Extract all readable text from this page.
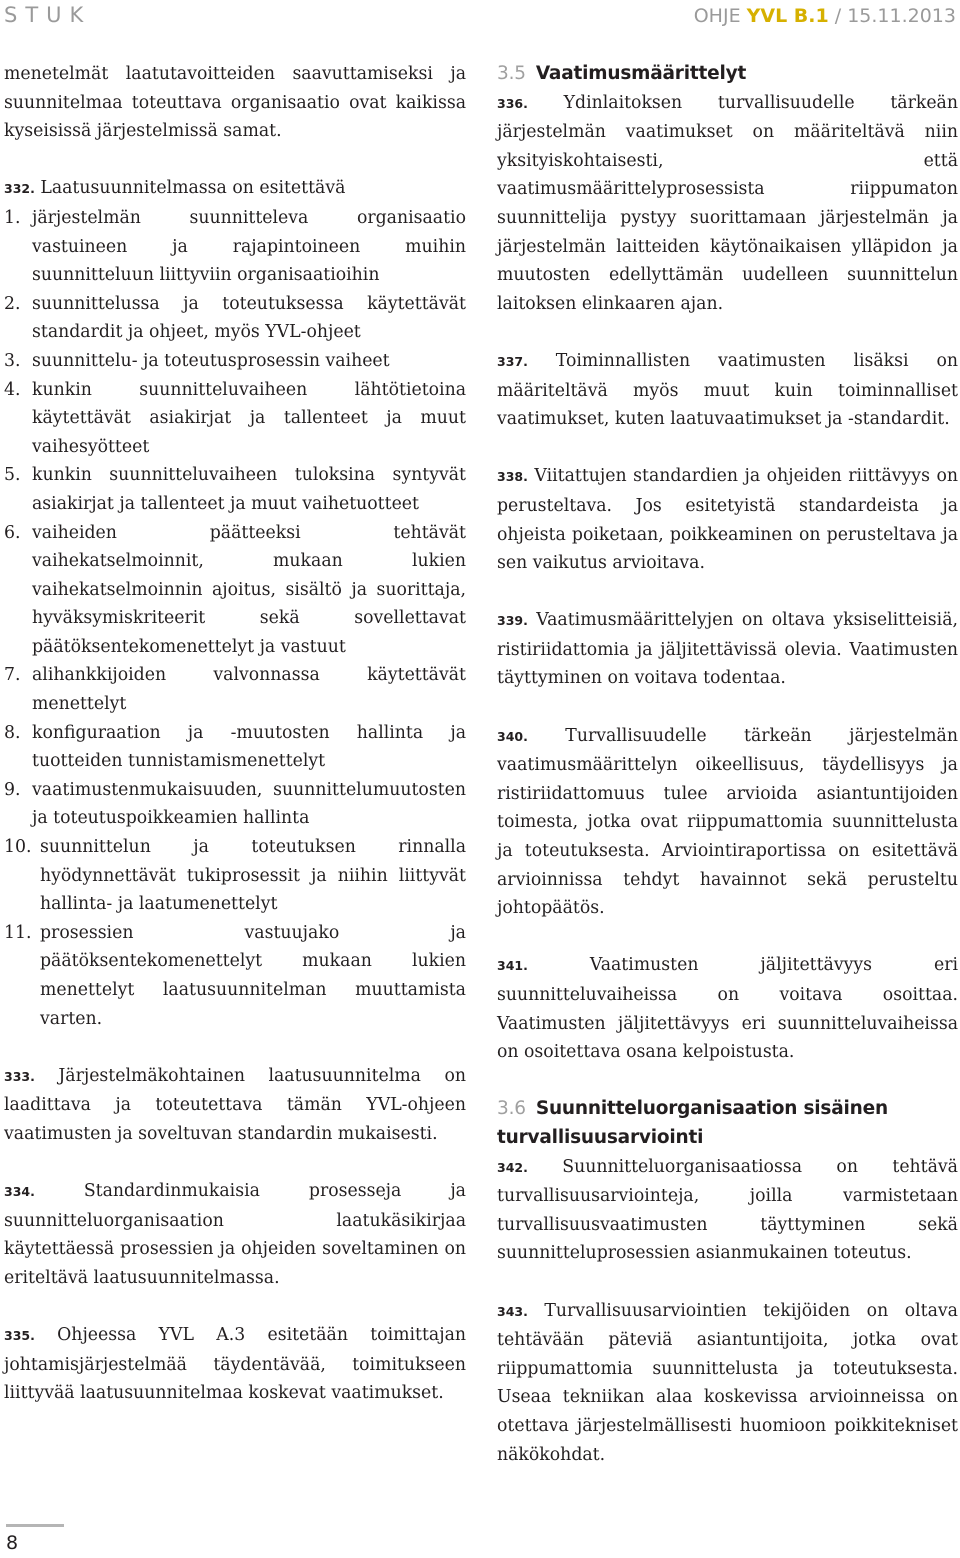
STUK	OHJE YVL B.1 / 15.11.2013

menetelmät laatutavoitteiden saavuttamiseksi ja suunnitelmaa toteuttava organisaatio ovat kaikissa kyseisissä järjestelmissä samat.

332. Laatusuunnitelmassa on esitettävä

1. järjestelmän suunnitteleva organisaatio vastuineen ja rajapintoineen muihin suunnitteluun liittyviin organisaatioihin
2. suunnittelussa ja toteutuksessa käytettävät standardit ja ohjeet, myös YVL-ohjeet
3. suunnittelu- ja toteutusprosessin vaiheet
4. kunkin suunnitteluvaiheen lähtötietoina käytettävät asiakirjat ja tallenteet ja muut vaihesyötteet
5. kunkin suunnitteluvaiheen tuloksina syntyvät asiakirjat ja tallenteet ja muut vaihetuotteet
6. vaiheiden päätteeksi tehtävät vaihekatselmoinnit, mukaan lukien vaihekatselmoinnin ajoitus, sisältö ja suorittaja, hyväksymiskriteerit sekä sovellettavat päätöksentekomenettelyt ja vastuut
7. alihankkijoiden valvonnassa käytettävät menettelyt
8. konfiguraation ja -muutosten hallinta ja tuotteiden tunnistamismenettelyt
9. vaatimustenmukaisuuden, suunnittelumuutosten ja toteutuspoikkeamien hallinta
10. suunnittelun ja toteutuksen rinnalla hyödynnettävät tukiprosessit ja niihin liittyvät hallinta- ja laatumenettelyt
11. prosessien vastuujako ja päätöksentekomenettelyt mukaan lukien menettelyt laatusuunnitelman muuttamista varten.

333. Järjestelmäkohtainen laatusuunnitelma on laadittava ja toteutettava tämän YVL-ohjeen vaatimusten ja soveltuvan standardin mukaisesti.

334.	Standardinmukaisia prosesseja ja suunnitteluorganisaation laatukäsikirjaa käytettäessä prosessien ja ohjeiden soveltaminen on eriteltävä laatusuunnitelmassa.

335. Ohjeessa YVL A.3 esitetään toimittajan johtamisjärjestelmää täydentävää, toimitukseen liittyvää laatusuunnitelmaa koskevat vaatimukset.

3.5 Vaatimusmäärittelyt

336. Ydinlaitoksen turvallisuudelle tärkeän järjestelmän vaatimukset on määriteltävä niin yksityiskohtaisesti, että vaatimusmäärittelyprosessista riippumaton suunnittelija pystyy suorittamaan järjestelmän ja järjestelmän laitteiden käytönaikaisen ylläpidon ja muutosten edellyttämän uudelleen suunnittelun laitoksen elinkaaren ajan.

337. Toiminnallisten vaatimusten lisäksi on määriteltävä myös muut kuin toiminnalliset vaatimukset, kuten laatuvaatimukset ja -standardit.

338. Viitattujen standardien ja ohjeiden riittävyys on perusteltava. Jos esitetyistä standardeista ja ohjeista poiketaan, poikkeaminen on perusteltava ja sen vaikutus arvioitava.

339. Vaatimusmäärittelyjen on oltava yksiselitteisiä, ristiriidattomia ja jäljitettävissä olevia. Vaatimusten täyttyminen on voitava todentaa.

340. Turvallisuudelle tärkeän järjestelmän vaatimusmäärittelyn oikeellisuus, täydellisyys ja ristiriidattomuus tulee arvioida asiantuntijoiden toimesta, jotka ovat riippumattomia suunnittelusta ja toteutuksesta. Arviointiraportissa on esitettävä arvioinnissa tehdyt havainnot sekä perusteltu johtopäätös.

341.	Vaatimusten jäljitettävyys eri suunnitteluvaiheissa on voitava osoittaa. Vaatimusten jäljitettävyys eri suunnitteluvaiheissa on osoitettava osana kelpoistusta.

3.6 Suunnitteluorganisaation sisäinen turvallisuusarviointi

342. Suunnitteluorganisaatiossa on tehtävä turvallisuusarviointeja, joilla varmistetaan turvallisuusvaatimusten täyttyminen sekä suunnitteluprosessien asianmukainen toteutus.

343. Turvallisuusarviointien tekijöiden on oltava tehtävään päteviä asiantuntijoita, jotka ovat riippumattomia suunnittelusta ja toteutuksesta. Useaa tekniikan alaa koskevissa arvioinneissa on otettava järjestelmällisesti huomioon poikkitekniset näkökohdat.

8
